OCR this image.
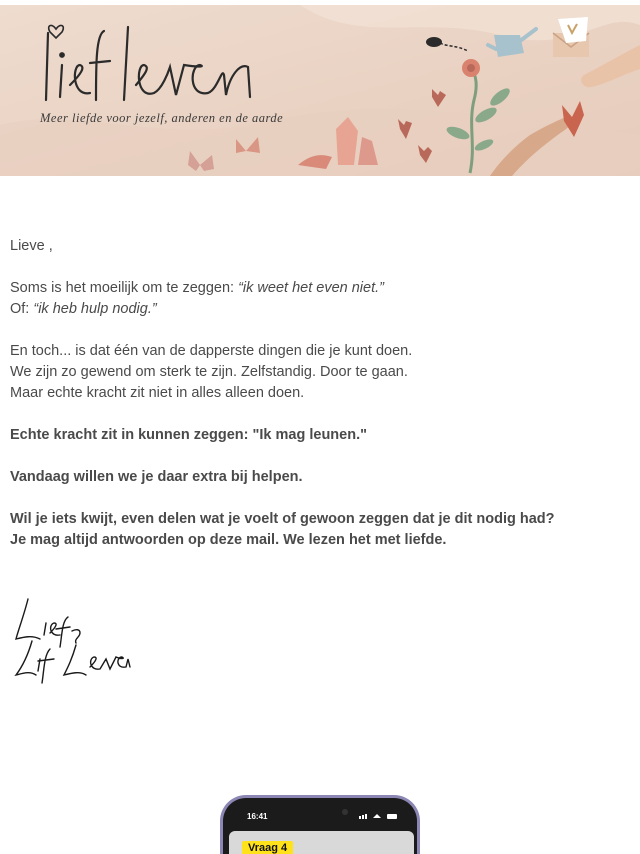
Meer liefde voor jezelf, anderen en de aarde

Lieve ,

Soms is het moeilijk om te zeggen: “ik weet het even niet.”

Of: “ik heb hulp nodig.”

En toch... is dat één van de dapperste dingen die je kunt doen.

We zijn zo gewend om sterk te zijn. Zelfstandig. Door te gaan.

Maar echte kracht zit niet in alles alleen doen.

Echte kracht zit in kunnen zeggen: "Ik mag leunen."

Vandaag willen we je daar extra bij helpen.

Wil je iets kwijt, even delen wat je voelt of gewoon zeggen dat je dit nodig had?

Je mag altijd antwoorden op deze mail. We lezen het met liefde.

16:41
Vraag 4
